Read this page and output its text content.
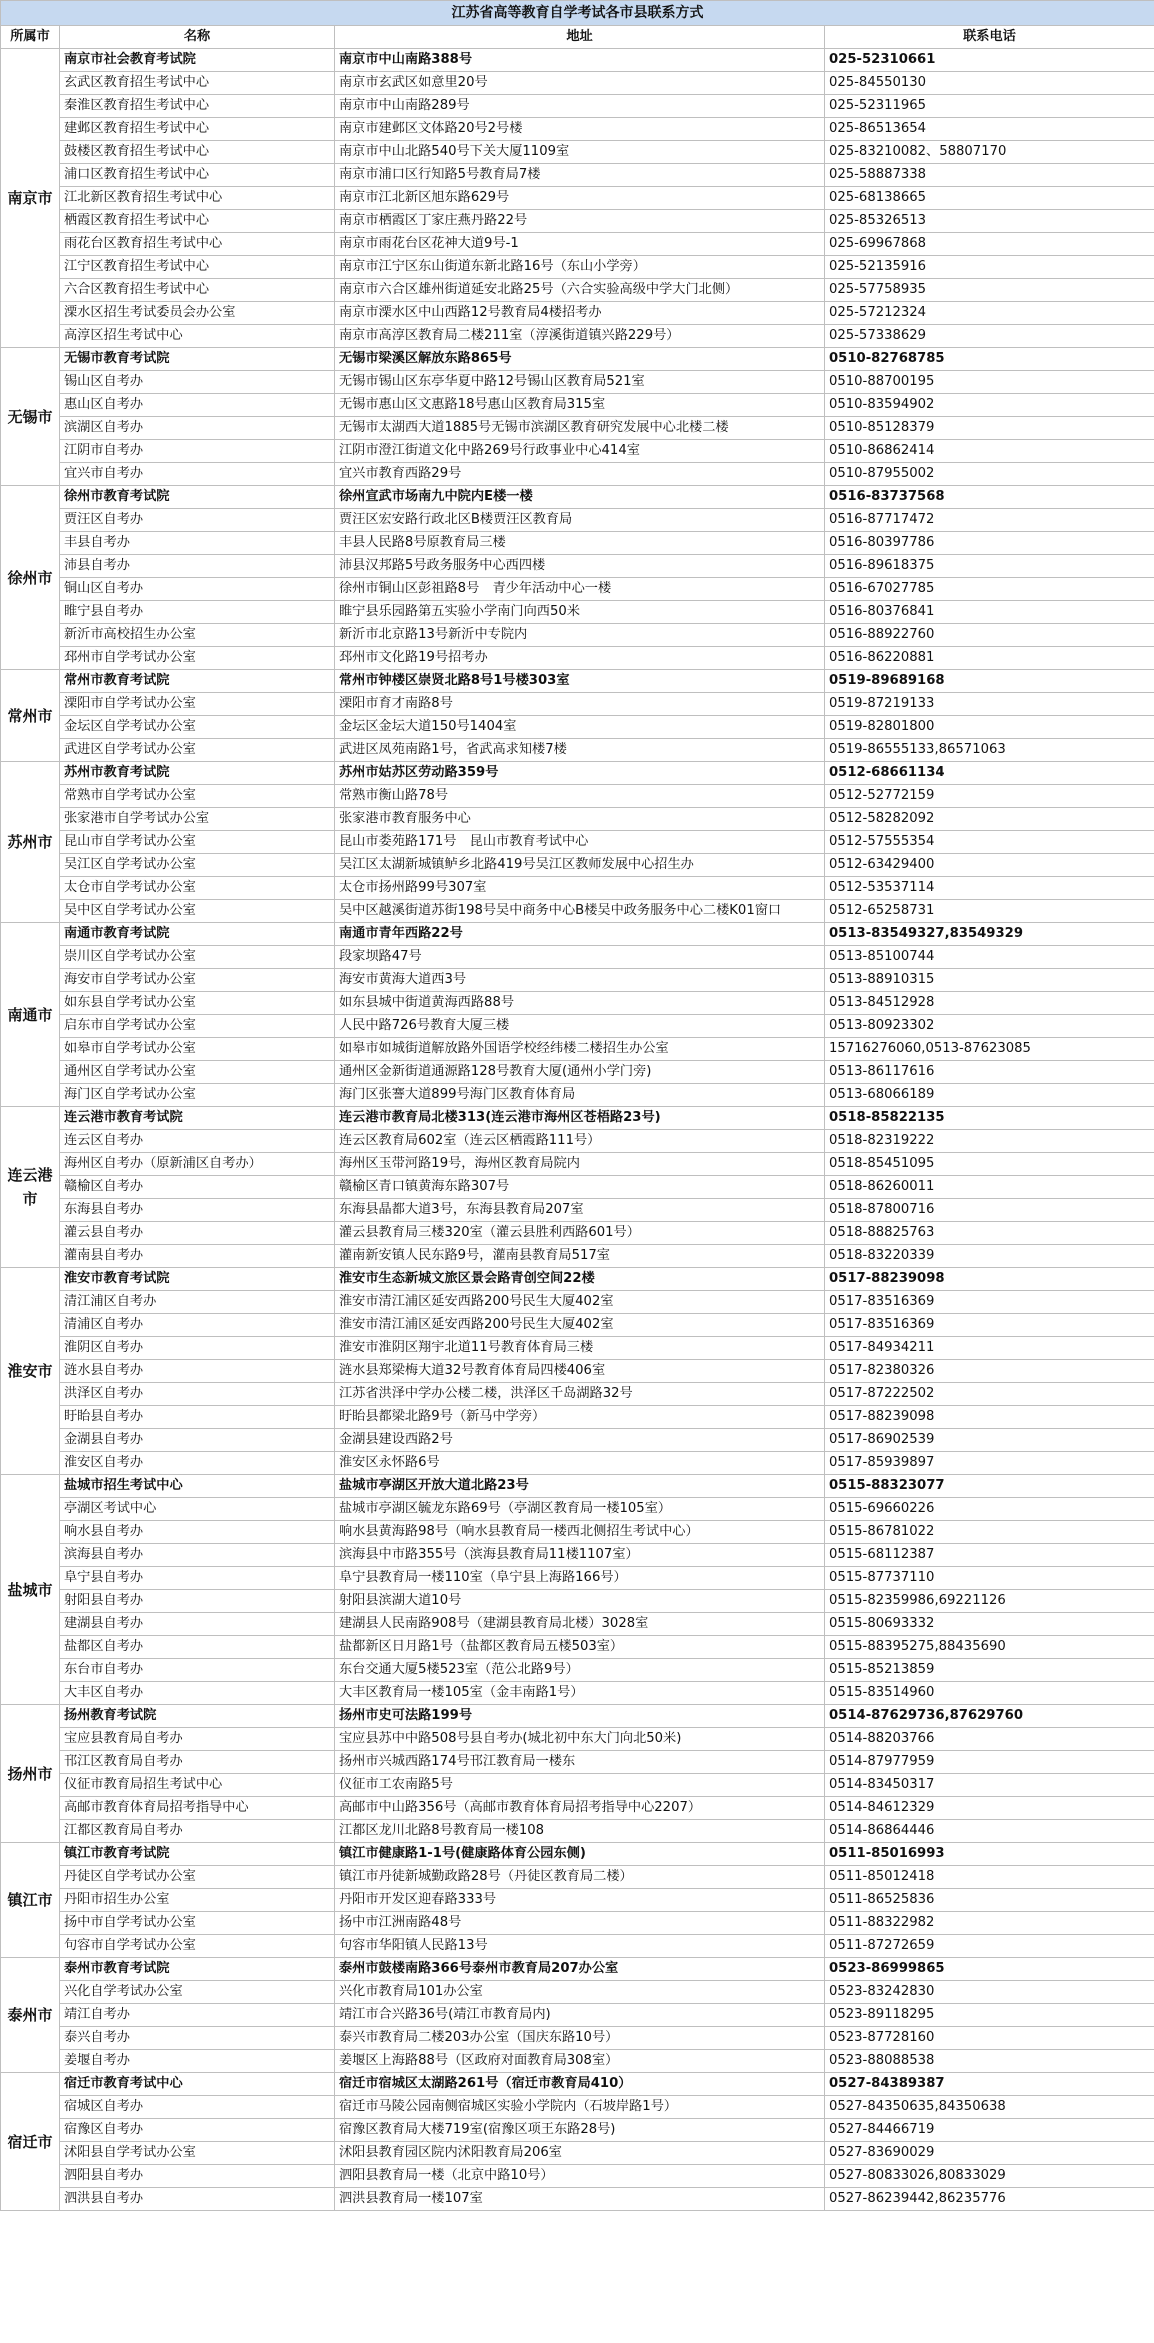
江苏省高等教育自学考试各市县联系方式			
所属市	名称	地址	联系电话
南京市	南京市社会教育考试院	南京市中山南路388号	025-52310661
	玄武区教育招生考试中心	南京市玄武区如意里20号	025-84550130
	秦淮区教育招生考试中心	南京市中山南路289号	025-52311965
	建邺区教育招生考试中心	南京市建邺区文体路20号2号楼	025-86513654
	鼓楼区教育招生考试中心	南京市中山北路540号下关大厦1109室	025-83210082、58807170
	浦口区教育招生考试中心	南京市浦口区行知路5号教育局7楼	025-58887338
	江北新区教育招生考试中心	南京市江北新区旭东路629号	025-68138665
	栖霞区教育招生考试中心	南京市栖霞区丁家庄燕丹路22号	025-85326513
	雨花台区教育招生考试中心	南京市雨花台区花神大道9号-1	025-69967868
	江宁区教育招生考试中心	南京市江宁区东山街道东新北路16号（东山小学旁）	025-52135916
	六合区教育招生考试中心	南京市六合区雄州街道延安北路25号（六合实验高级中学大门北侧）	025-57758935
	溧水区招生考试委员会办公室	南京市溧水区中山西路12号教育局4楼招考办	025-57212324
	高淳区招生考试中心	南京市高淳区教育局二楼211室（淳溪街道镇兴路229号）	025-57338629
无锡市	无锡市教育考试院	无锡市梁溪区解放东路865号	0510-82768785
	锡山区自考办	无锡市锡山区东亭华夏中路12号锡山区教育局521室	0510-88700195
	惠山区自考办	无锡市惠山区文惠路18号惠山区教育局315室	0510-83594902
	滨湖区自考办	无锡市太湖西大道1885号无锡市滨湖区教育研究发展中心北楼二楼	0510-85128379
	江阴市自考办	江阴市澄江街道文化中路269号行政事业中心414室	0510-86862414
	宜兴市自考办	宜兴市教育西路29号	0510-87955002
徐州市	徐州市教育考试院	徐州宣武市场南九中院内E楼一楼	0516-83737568
	贾汪区自考办	贾汪区宏安路行政北区B楼贾汪区教育局	0516-87717472
	丰县自考办	丰县人民路8号原教育局三楼	0516-80397786
	沛县自考办	沛县汉邦路5号政务服务中心西四楼	0516-89618375
	铜山区自考办	徐州市铜山区彭祖路8号　青少年活动中心一楼	0516-67027785
	睢宁县自考办	睢宁县乐园路第五实验小学南门向西50米	0516-80376841
	新沂市高校招生办公室	新沂市北京路13号新沂中专院内	0516-88922760
	邳州市自学考试办公室	邳州市文化路19号招考办	0516-86220881
常州市	常州市教育考试院	常州市钟楼区崇贤北路8号1号楼303室	0519-89689168
	溧阳市自学考试办公室	溧阳市育才南路8号	0519-87219133
	金坛区自学考试办公室	金坛区金坛大道150号1404室	0519-82801800
	武进区自学考试办公室	武进区凤苑南路1号，省武高求知楼7楼	0519-86555133,86571063
苏州市	苏州市教育考试院	苏州市姑苏区劳动路359号	0512-68661134
	常熟市自学考试办公室	常熟市衡山路78号	0512-52772159
	张家港市自学考试办公室	张家港市教育服务中心	0512-58282092
	昆山市自学考试办公室	昆山市娄苑路171号　昆山市教育考试中心	0512-57555354
	吴江区自学考试办公室	吴江区太湖新城镇鲈乡北路419号吴江区教师发展中心招生办	0512-63429400
	太仓市自学考试办公室	太仓市扬州路99号307室	0512-53537114
	吴中区自学考试办公室	吴中区越溪街道苏街198号吴中商务中心B楼吴中政务服务中心二楼K01窗口	0512-65258731
南通市	南通市教育考试院	南通市青年西路22号	0513-83549327,83549329
	崇川区自学考试办公室	段家坝路47号	0513-85100744
	海安市自学考试办公室	海安市黄海大道西3号	0513-88910315
	如东县自学考试办公室	如东县城中街道黄海西路88号	0513-84512928
	启东市自学考试办公室	人民中路726号教育大厦三楼	0513-80923302
	如皋市自学考试办公室	如皋市如城街道解放路外国语学校经纬楼二楼招生办公室	15716276060,0513-87623085
	通州区自学考试办公室	通州区金新街道通源路128号教育大厦(通州小学门旁)	0513-86117616
	海门区自学考试办公室	海门区张謇大道899号海门区教育体育局	0513-68066189
连云港市	连云港市教育考试院	连云港市教育局北楼313(连云港市海州区苍梧路23号)	0518-85822135
	连云区自考办	连云区教育局602室（连云区栖霞路111号）	0518-82319222
	海州区自考办（原新浦区自考办）	海州区玉带河路19号，海州区教育局院内	0518-85451095
	赣榆区自考办	赣榆区青口镇黄海东路307号	0518-86260011
	东海县自考办	东海县晶都大道3号，东海县教育局207室	0518-87800716
	灌云县自考办	灌云县教育局三楼320室（灌云县胜利西路601号）	0518-88825763
	灌南县自考办	灌南新安镇人民东路9号，灌南县教育局517室	0518-83220339
淮安市	淮安市教育考试院	淮安市生态新城文旅区景会路青创空间22楼	0517-88239098
	清江浦区自考办	淮安市清江浦区延安西路200号民生大厦402室	0517-83516369
	清浦区自考办	淮安市清江浦区延安西路200号民生大厦402室	0517-83516369
	淮阴区自考办	淮安市淮阴区翔宇北道11号教育体育局三楼	0517-84934211
	涟水县自考办	涟水县郑梁梅大道32号教育体育局四楼406室	0517-82380326
	洪泽区自考办	江苏省洪泽中学办公楼二楼，洪泽区千岛湖路32号	0517-87222502
	盱眙县自考办	盱眙县都梁北路9号（新马中学旁）	0517-88239098
	金湖县自考办	金湖县建设西路2号	0517-86902539
	淮安区自考办	淮安区永怀路6号	0517-85939897
盐城市	盐城市招生考试中心	盐城市亭湖区开放大道北路23号	0515-88323077
	亭湖区考试中心	盐城市亭湖区毓龙东路69号（亭湖区教育局一楼105室）	0515-69660226
	响水县自考办	响水县黄海路98号（响水县教育局一楼西北侧招生考试中心）	0515-86781022
	滨海县自考办	滨海县中市路355号（滨海县教育局11楼1107室）	0515-68112387
	阜宁县自考办	阜宁县教育局一楼110室（阜宁县上海路166号）	0515-87737110
	射阳县自考办	射阳县滨湖大道10号	0515-82359986,69221126
	建湖县自考办	建湖县人民南路908号（建湖县教育局北楼）3028室	0515-80693332
	盐都区自考办	盐都新区日月路1号（盐都区教育局五楼503室）	0515-88395275,88435690
	东台市自考办	东台交通大厦5楼523室（范公北路9号）	0515-85213859
	大丰区自考办	大丰区教育局一楼105室（金丰南路1号）	0515-83514960
扬州市	扬州教育考试院	扬州市史可法路199号	0514-87629736,87629760
	宝应县教育局自考办	宝应县苏中中路508号县自考办(城北初中东大门向北50米)	0514-88203766
	邗江区教育局自考办	扬州市兴城西路174号邗江教育局一楼东	0514-87977959
	仪征市教育局招生考试中心	仪征市工农南路5号	0514-83450317
	高邮市教育体育局招考指导中心	高邮市中山路356号（高邮市教育体育局招考指导中心2207）	0514-84612329
	江都区教育局自考办	江都区龙川北路8号教育局一楼108	0514-86864446
镇江市	镇江市教育考试院	镇江市健康路1-1号(健康路体育公园东侧)	0511-85016993
	丹徒区自学考试办公室	镇江市丹徒新城勤政路28号（丹徒区教育局二楼）	0511-85012418
	丹阳市招生办公室	丹阳市开发区迎春路333号	0511-86525836
	扬中市自学考试办公室	扬中市江洲南路48号	0511-88322982
	句容市自学考试办公室	句容市华阳镇人民路13号	0511-87272659
泰州市	泰州市教育考试院	泰州市鼓楼南路366号泰州市教育局207办公室	0523-86999865
	兴化自学考试办公室	兴化市教育局101办公室	0523-83242830
	靖江自考办	靖江市合兴路36号(靖江市教育局内)	0523-89118295
	泰兴自考办	泰兴市教育局二楼203办公室（国庆东路10号）	0523-87728160
	姜堰自考办	姜堰区上海路88号（区政府对面教育局308室）	0523-88088538
宿迁市	宿迁市教育考试中心	宿迁市宿城区太湖路261号（宿迁市教育局410）	0527-84389387
	宿城区自考办	宿迁市马陵公园南侧宿城区实验小学院内（石坡岸路1号）	0527-84350635,84350638
	宿豫区自考办	宿豫区教育局大楼719室(宿豫区项王东路28号)	0527-84466719
	沭阳县自学考试办公室	沭阳县教育园区院内沭阳教育局206室	0527-83690029
	泗阳县自考办	泗阳县教育局一楼（北京中路10号）	0527-80833026,80833029
	泗洪县自考办	泗洪县教育局一楼107室	0527-86239442,86235776
